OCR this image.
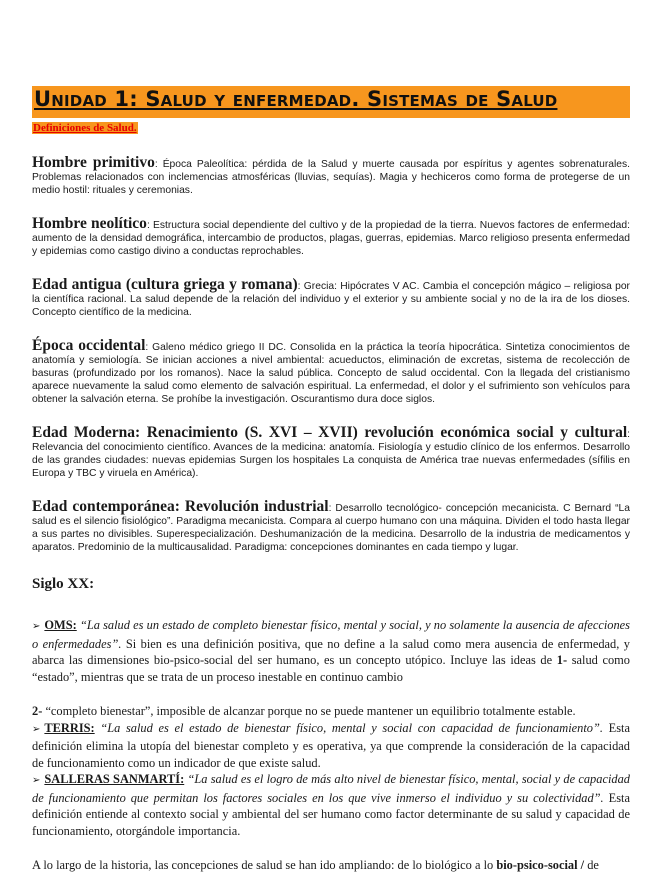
Unidad 1: Salud y enfermedad. Sistemas de Salud
Definiciones de Salud.
Hombre primitivo: Época Paleolítica: pérdida de la Salud y muerte causada por espíritus y agentes sobrenaturales. Problemas relacionados con inclemencias atmosféricas (lluvias, sequías). Magia y hechiceros como forma de protegerse de un medio hostil: rituales y ceremonias.
Hombre neolítico: Estructura social dependiente del cultivo y de la propiedad de la tierra. Nuevos factores de enfermedad: aumento de la densidad demográfica, intercambio de productos, plagas, guerras, epidemias. Marco religioso presenta enfermedad y epidemias como castigo divino a conductas reprochables.
Edad antigua (cultura griega y romana): Grecia: Hipócrates V AC. Cambia el concepción mágico – religiosa por la científica racional. La salud depende de la relación del individuo y el exterior y su ambiente social y no de la ira de los dioses. Concepto científico de la medicina.
Época occidental: Galeno médico griego II DC. Consolida en la práctica la teoría hipocrática. Sintetiza conocimientos de anatomía y semiología. Se inician acciones a nivel ambiental: acueductos, eliminación de excretas, sistema de recolección de basuras (profundizado por los romanos). Nace la salud pública. Concepto de salud occidental. Con la llegada del cristianismo aparece nuevamente la salud como elemento de salvación espiritual. La enfermedad, el dolor y el sufrimiento son vehículos para obtener la salvación eterna. Se prohíbe la investigación. Oscurantismo dura doce siglos.
Edad Moderna: Renacimiento (S. XVI – XVII) revolución económica social y cultural: Relevancia del conocimiento científico. Avances de la medicina: anatomía. Fisiología y estudio clínico de los enfermos. Desarrollo de las grandes ciudades: nuevas epidemias Surgen los hospitales La conquista de América trae nuevas enfermedades (sífilis en Europa y TBC y viruela en América).
Edad contemporánea: Revolución industrial: Desarrollo tecnológico- concepción mecanicista. C Bernard “La salud es el silencio fisiológico”. Paradigma mecanicista. Compara al cuerpo humano con una máquina. Dividen el todo hasta llegar a sus partes no divisibles. Superespecialización. Deshumanización de la medicina. Desarrollo de la industria de medicamentos y aparatos. Predominio de la multicausalidad. Paradigma: concepciones dominantes en cada tiempo y lugar.
Siglo XX:
➢ OMS: “La salud es un estado de completo bienestar físico, mental y social, y no solamente la ausencia de afecciones o enfermedades”. Si bien es una definición positiva, que no define a la salud como mera ausencia de enfermedad, y abarca las dimensiones bio-psico-social del ser humano, es un concepto utópico. Incluye las ideas de 1- salud como “estado”, mientras que se trata de un proceso inestable en continuo cambio
2- “completo bienestar”, imposible de alcanzar porque no se puede mantener un equilibrio totalmente estable.
➢ TERRIS: “La salud es el estado de bienestar físico, mental y social con capacidad de funcionamiento”. Esta definición elimina la utopía del bienestar completo y es operativa, ya que comprende la consideración de la capacidad de funcionamiento como un indicador de que existe salud.
➢ SALLERAS SANMARTÍ: “La salud es el logro de más alto nivel de bienestar físico, mental, social y de capacidad de funcionamiento que permitan los factores sociales en los que vive inmerso el individuo y su colectividad”. Esta definición entiende al contexto social y ambiental del ser humano como factor determinante de su salud y capacidad de funcionamiento, otorgándole importancia.
A lo largo de la historia, las concepciones de salud se han ido ampliando: de lo biológico a lo bio-psico-social / de
